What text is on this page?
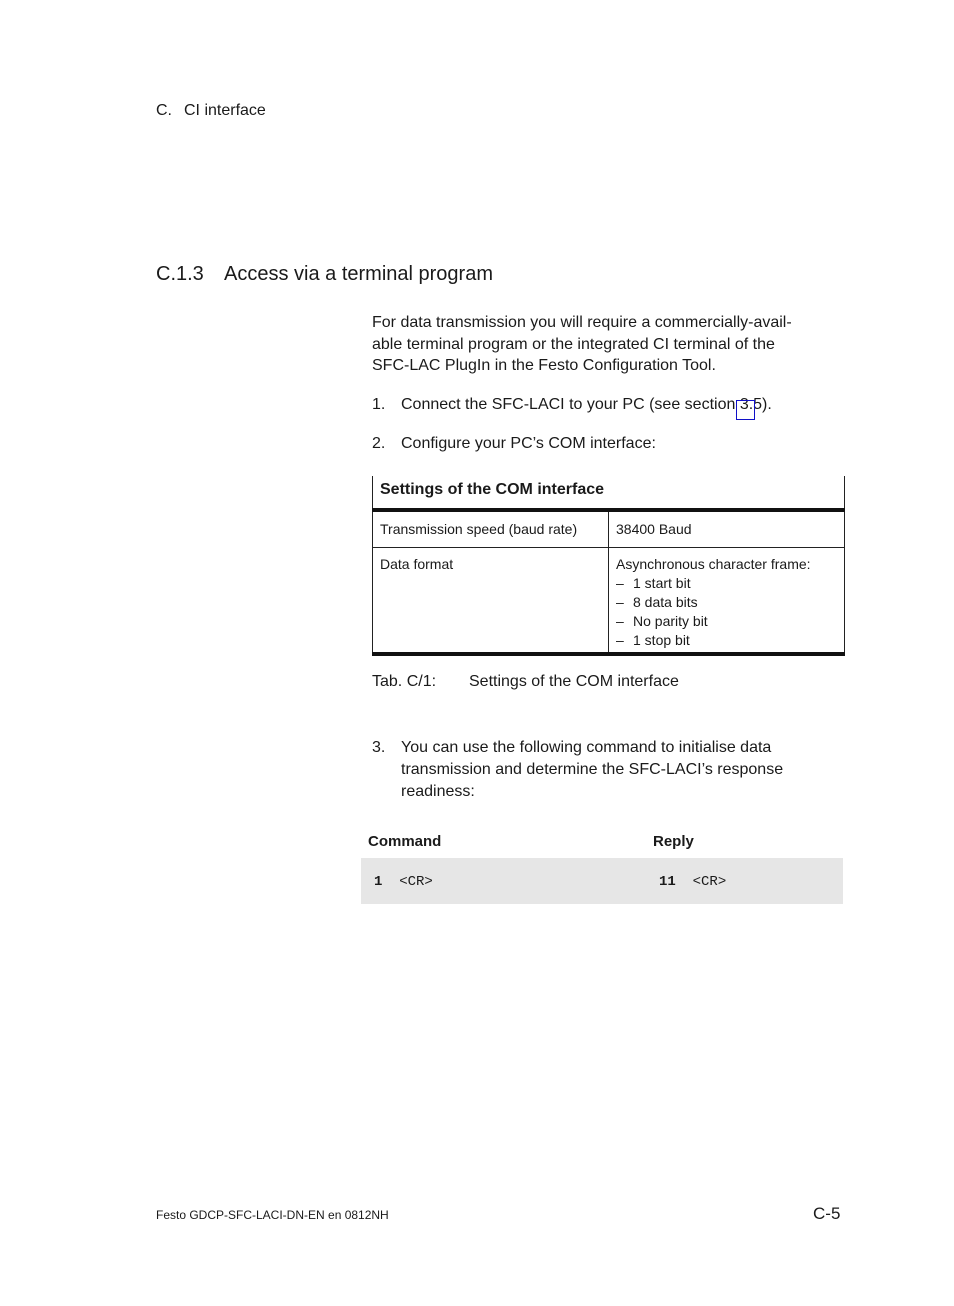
C. CI interface
C.1.3 Access via a terminal program
For data transmission you will require a commercially-avail-
able terminal program or the integrated CI terminal of the
SFC-LAC PlugIn in the Festo Configuration Tool.
1. Connect the SFC-LACI to your PC (see section 3.5).
2. Configure your PC’s COM interface:
Settings of the COM interface	
Transmission speed (baud rate)	38400 Baud
Data format	Asynchronous character frame:
– 1 start bit
– 8 data bits
– No parity bit
– 1 stop bit
Tab. C/1: Settings of the COM interface
3. You can use the following command to initialise data
transmission and determine the SFC-LACI’s response
readiness:
Command	Reply
1 <CR>	11 <CR>
Festo GDCP-SFC-LACI-DN-EN en 0812NH	C-5
